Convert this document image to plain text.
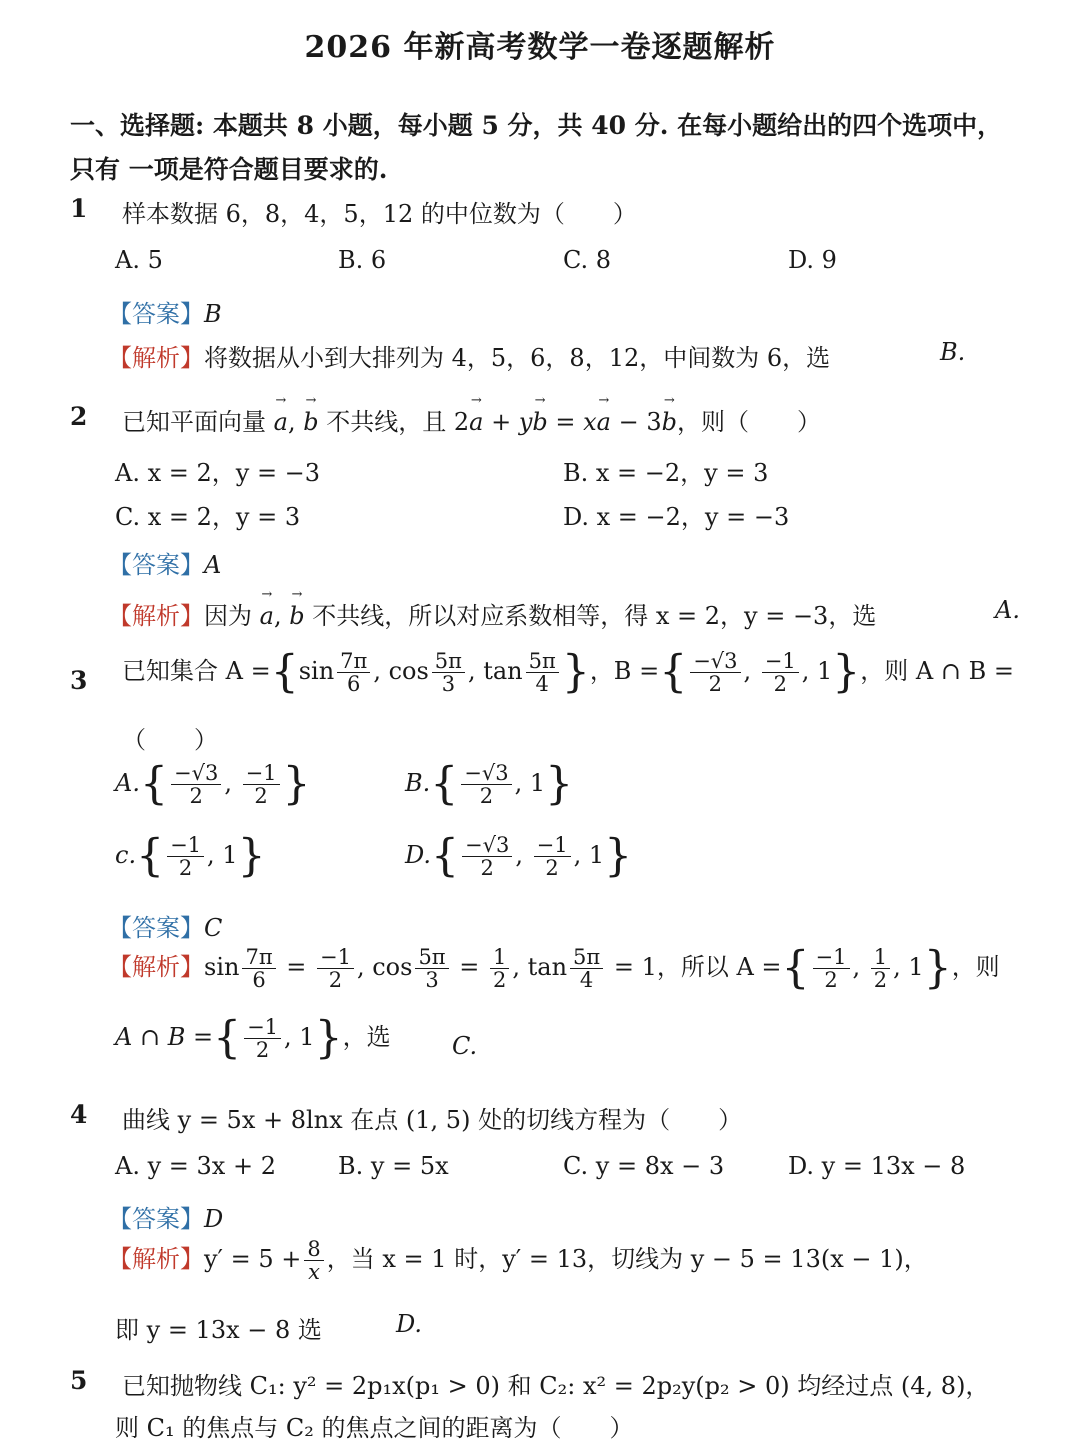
2026 年新高考数学一卷逐题解析
一、选择题: 本题共 8 小题，每小题 5 分，共 40 分. 在每小题给出的四个选项中，
只有 一项是符合题目要求的.
1 样本数据 6，8，4，5，12 的中位数为（　　）
A. 5	B. 6	C. 8	D. 9
【答案】B
【解析】将数据从小到大排列为 4，5，6，8，12，中间数为 6，选	B.
2 已知平面向量 a →, b → 不共线，且 2a → + yb → = xa → − 3b →，则（　　）
A. x = 2，y = −3	B. x = −2，y = 3
C. x = 2，y = 3	D. x = −2，y = −3
【答案】A
【解析】因为 a →, b → 不共线，所以对应系数相等，得 x = 2，y = −3，选	A.
3 已知集合 $A =\{\sin \frac{7\pi}{6}$ , $\cos \frac{5\pi}{3}$ , $\tan \frac{5\pi}{4}$ }，B ={ $\frac{-√3}{2}$ , $\frac{-1}{2}$ , 1}，则 A ∩ B =
（　　）
$A.\{ \frac{-√3}{2}$ , $\frac{-1}{2}$ }	$B.\{ \frac{-√3}{2}$ , 1}
$c.\{ \frac{-1}{2}$ , 1}	$D.\{ \frac{-√3}{2}$ , $\frac{-1}{2}$ , 1}
【答案】C
【解析】$\sin \frac{7\pi}{6} = \frac{-1}{2}$ , $\cos \frac{5\pi}{3} = \frac{1}{2}$ , $\tan \frac{5\pi}{4} = 1$，所以 A ={ $\frac{-1}{2}$ , $\frac{1}{2}$ , 1}，则
A ∩ B ={ $\frac{-1}{2}$ , 1}，选	C.
4 曲线 y = 5x + 8lnx 在点 (1, 5) 处的切线方程为（　　）
A. y = 3x + 2	B. y = 5x	C. y = 8x − 3	D. y = 13x − 8
【答案】D
【解析】$y' = 5 + \frac{8}{x}$ ，当 x = 1 时，y′ = 13，切线为 y − 5 = 13(x − 1)，
即 y = 13x − 8 选	D.
5 已知抛物线 C₁: y² = 2p₁x(p₁ > 0) 和 C₂: x² = 2p₂y(p₂ > 0) 均经过点 (4, 8)，
则 C₁ 的焦点与 C₂ 的焦点之间的距离为（　　）
